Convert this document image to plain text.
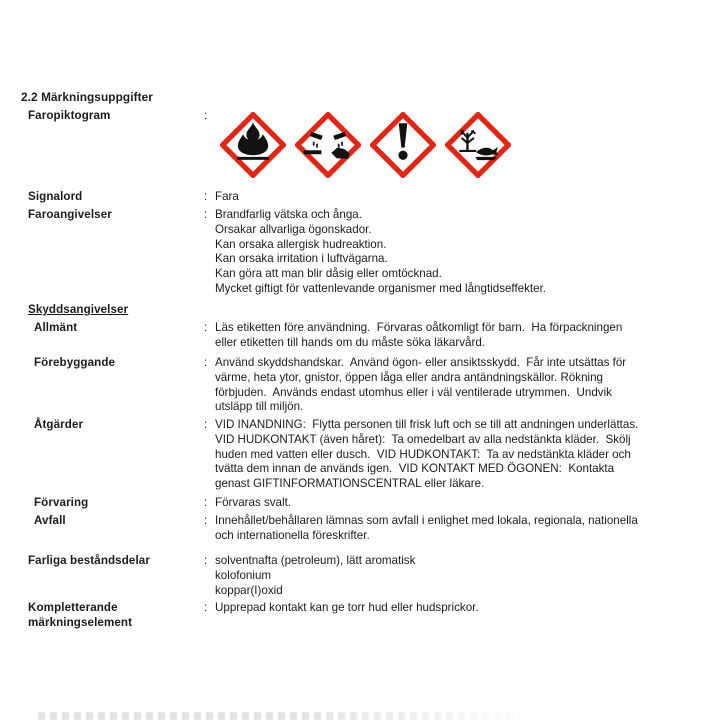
2.2 Märkningsuppgifter
Faropiktogram	:
Signalord	: Fara
Faroangivelser	: Brandfarlig vätska och ånga.
Orsakar allvarliga ögonskador.
Kan orsaka allergisk hudreaktion.
Kan orsaka irritation i luftvägarna.
Kan göra att man blir dåsig eller omtöcknad.
Mycket giftigt för vattenlevande organismer med långtidseffekter.
Skyddsangivelser
Allmänt	: Läs etiketten före användning.  Förvaras oåtkomligt för barn.  Ha förpackningen
eller etiketten till hands om du måste söka läkarvård.
Förebyggande	: Använd skyddshandskar.  Använd ögon- eller ansiktsskydd.  Får inte utsättas för
värme, heta ytor, gnistor, öppen låga eller andra antändningskällor. Rökning
förbjuden.  Används endast utomhus eller i väl ventilerade utrymmen.  Undvik
utsläpp till miljön.
Åtgärder	: VID INANDNING:  Flytta personen till frisk luft och se till att andningen underlättas.
VID HUDKONTAKT (även håret):  Ta omedelbart av alla nedstänkta kläder.  Skölj
huden med vatten eller dusch.  VID HUDKONTAKT:  Ta av nedstänkta kläder och
tvätta dem innan de används igen.  VID KONTAKT MED ÖGONEN:  Kontakta
genast GIFTINFORMATIONSCENTRAL eller läkare.
Förvaring	: Förvaras svalt.
Avfall	: Innehållet/behållaren lämnas som avfall i enlighet med lokala, regionala, nationella
och internationella föreskrifter.
Farliga beståndsdelar	: solventnafta (petroleum), lätt aromatisk
kolofonium
koppar(I)oxid
Kompletterande märkningselement
: Upprepad kontakt kan ge torr hud eller hudsprickor.
